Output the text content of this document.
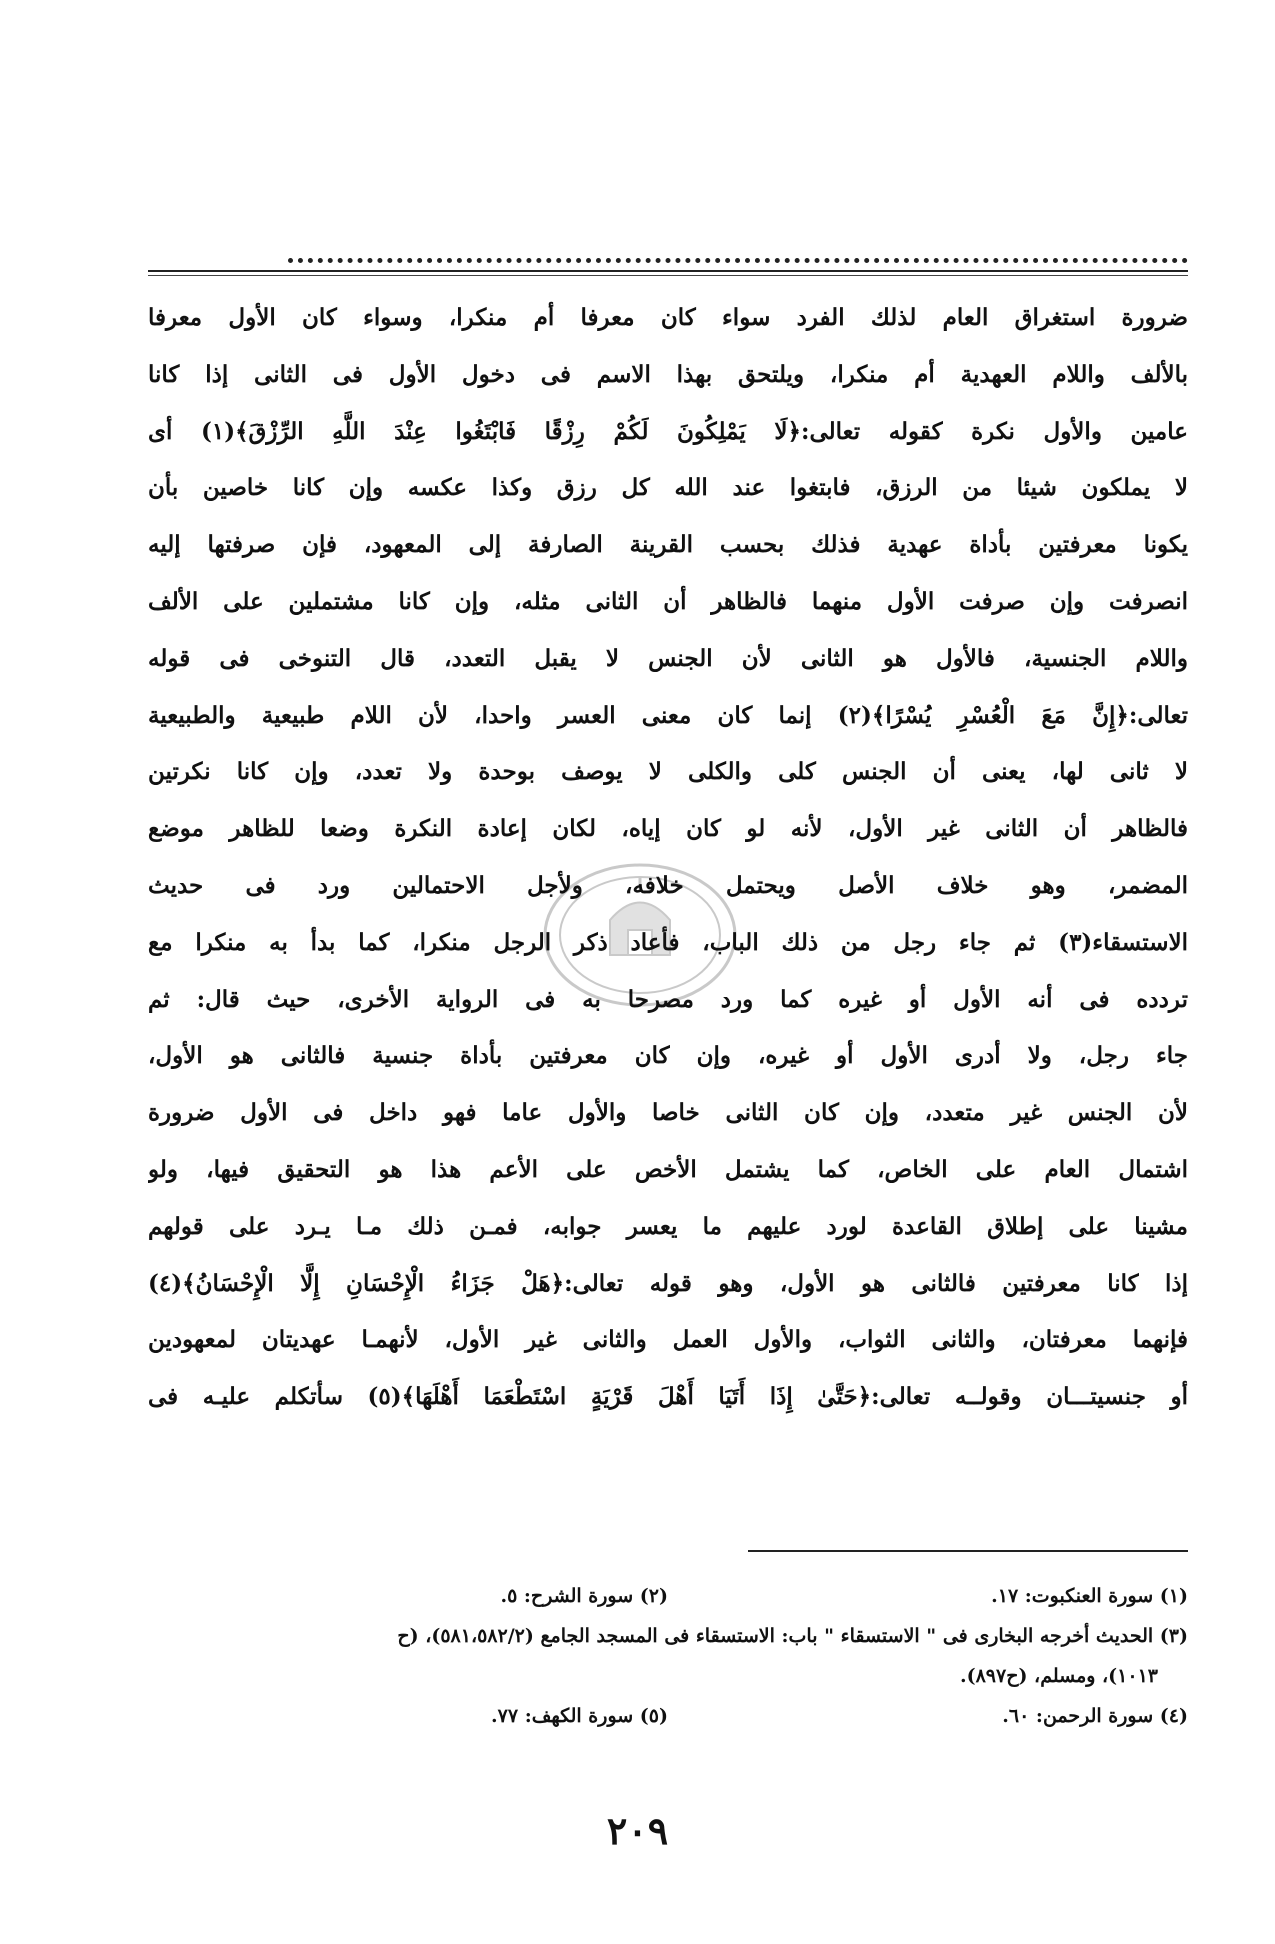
ضرورة استغراق العام لذلك الفرد سواء كان معرفا أم منكرا، وسواء كان الأول معرفا
بالألف واللام العهدية أم منكرا، ويلتحق بهذا الاسم فى دخول الأول فى الثانى إذا كانا
عامين والأول نكرة كقوله تعالى:﴿لَا يَمْلِكُونَ لَكُمْ رِزْقًا فَابْتَغُوا عِنْدَ اللَّهِ الرِّزْقَ﴾(١) أى
لا يملكون شيئا من الرزق، فابتغوا عند الله كل رزق وكذا عكسه وإن كانا خاصين بأن
يكونا معرفتين بأداة عهدية فذلك بحسب القرينة الصارفة إلى المعهود، فإن صرفتها إليه
انصرفت وإن صرفت الأول منهما فالظاهر أن الثانى مثله، وإن كانا مشتملين على الألف
واللام الجنسية، فالأول هو الثانى لأن الجنس لا يقبل التعدد، قال التنوخى فى قوله
تعالى:﴿إِنَّ مَعَ الْعُسْرِ يُسْرًا﴾(٢) إنما كان معنى العسر واحدا، لأن اللام طبيعية والطبيعية
لا ثانى لها، يعنى أن الجنس كلى والكلى لا يوصف بوحدة ولا تعدد، وإن كانا نكرتين
فالظاهر أن الثانى غير الأول، لأنه لو كان إياه، لكان إعادة النكرة وضعا للظاهر موضع
المضمر، وهو خلاف الأصل ويحتمل خلافه، ولأجل الاحتمالين ورد فى حديث
الاستسقاء(٣) ثم جاء رجل من ذلك الباب، فأعاد ذكر الرجل منكرا، كما بدأ به منكرا مع
تردده فى أنه الأول أو غيره كما ورد مصرحا به فى الرواية الأخرى، حيث قال: ثم
جاء رجل، ولا أدرى الأول أو غيره، وإن كان معرفتين بأداة جنسية فالثانى هو الأول،
لأن الجنس غير متعدد، وإن كان الثانى خاصا والأول عاما فهو داخل فى الأول ضرورة
اشتمال العام على الخاص، كما يشتمل الأخص على الأعم هذا هو التحقيق فيها، ولو
مشينا على إطلاق القاعدة لورد عليهم ما يعسر جوابه، فمـن ذلك مـا يـرد على قولهم
إذا كانا معرفتين فالثانى هو الأول، وهو قوله تعالى:﴿هَلْ جَزَاءُ الْإِحْسَانِ إِلَّا الْإِحْسَانُ﴾(٤)
فإنهما معرفتان، والثانى الثواب، والأول العمل والثانى غير الأول، لأنهمـا عهديتان لمعهودين
أو جنسيتـــان وقولــه تعالى:﴿حَتَّىٰ إِذَا أَتَيَا أَهْلَ قَرْيَةٍ اسْتَطْعَمَا أَهْلَهَا﴾(٥) سأتكلم عليـه فى
(١) سورة العنكبوت: ١٧.
(٢) سورة الشرح: ٥.
(٣) الحديث أخرجه البخارى فى " الاستسقاء " باب: الاستسقاء فى المسجد الجامع (٥٨١،٥٨٢/٢)، (ح
١٠١٣)، ومسلم، (ح٨٩٧).
(٤) سورة الرحمن: ٦٠.
(٥) سورة الكهف: ٧٧.
٢٠٩
